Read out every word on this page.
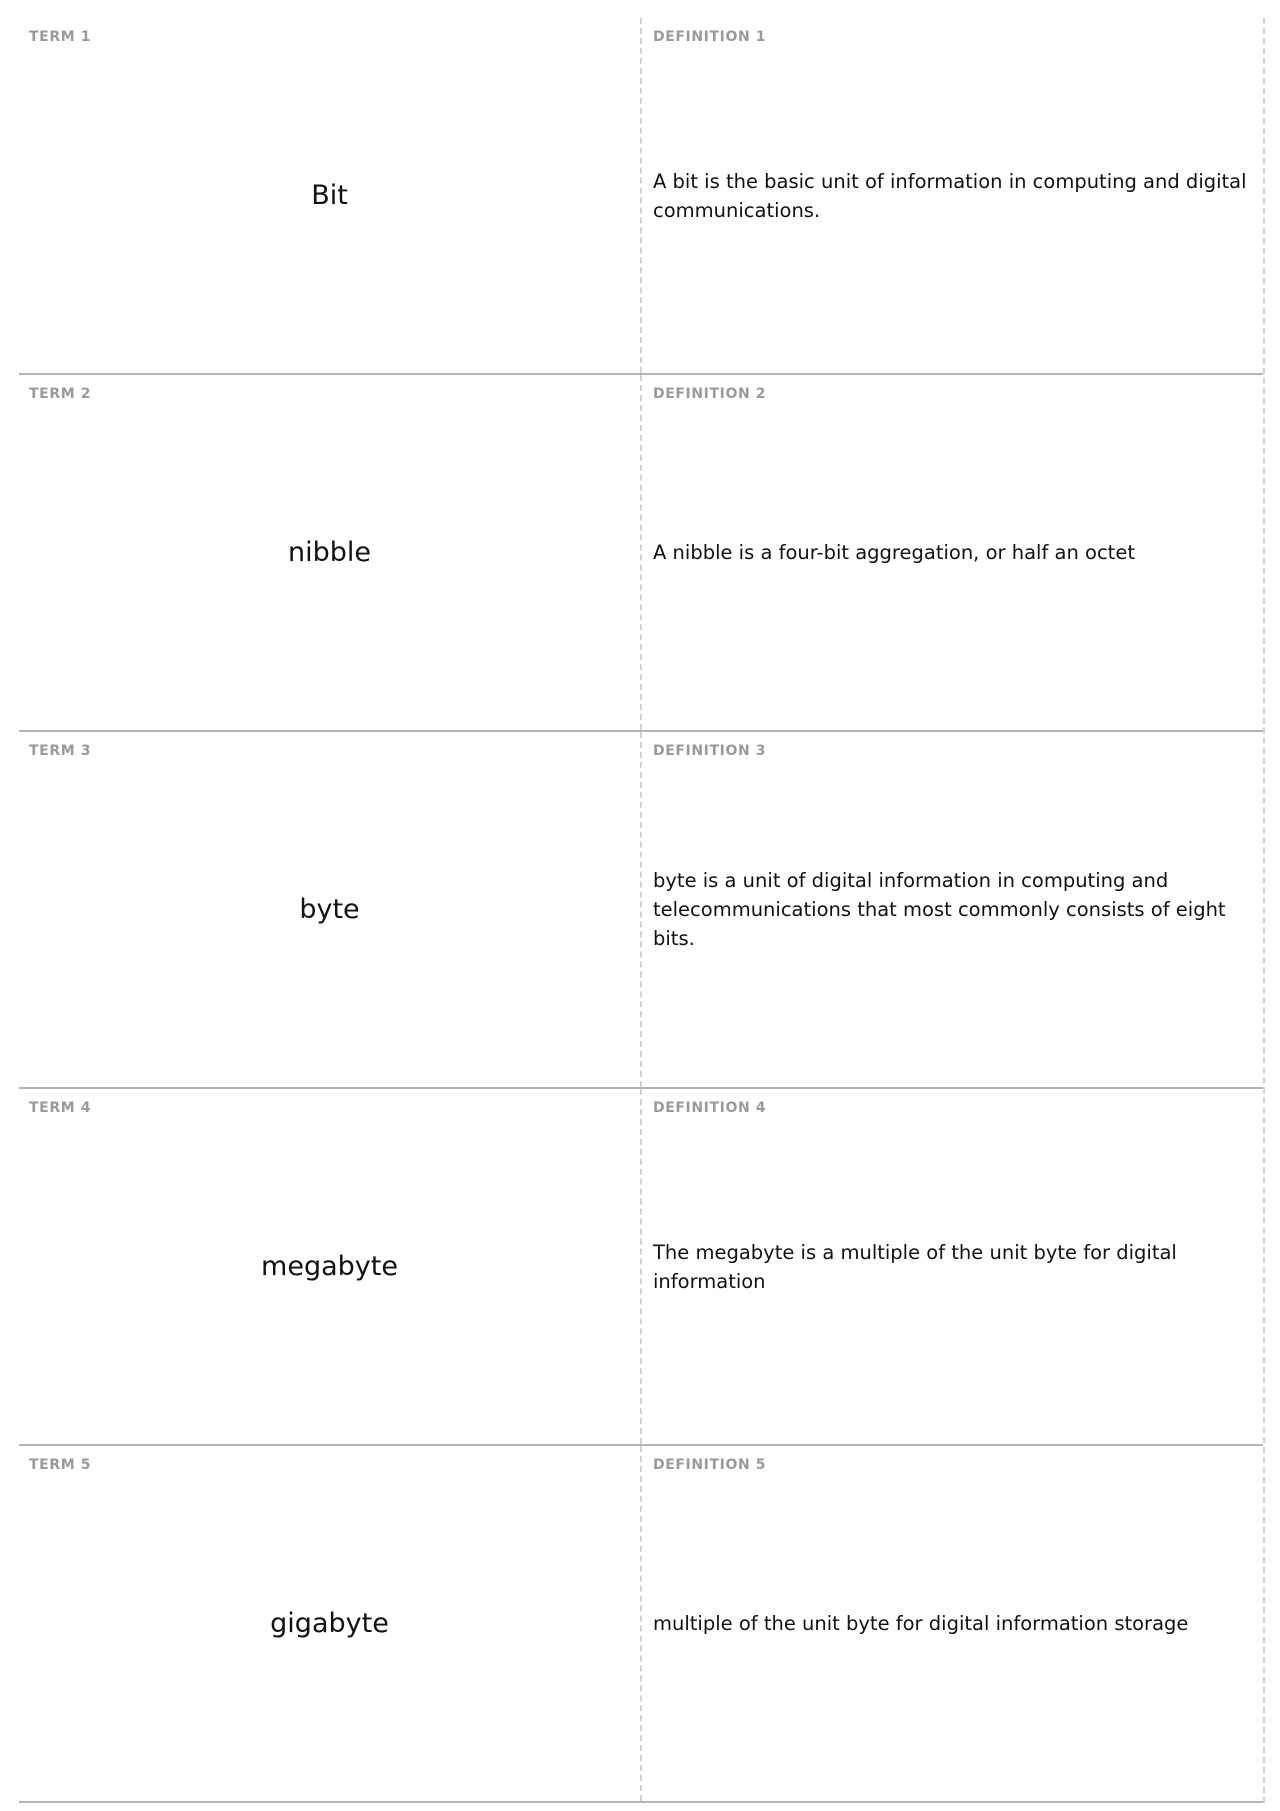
TERM 1
Bit
DEFINITION 1

A bit is the basic unit of information in computing and digital communications.

TERM 2
nibble
DEFINITION 2

A nibble is a four-bit aggregation, or half an octet

TERM 3
byte
DEFINITION 3

byte is a unit of digital information in computing and telecommunications that most commonly consists of eight bits.

TERM 4
megabyte
DEFINITION 4

The megabyte is a multiple of the unit byte for digital information

TERM 5
gigabyte
DEFINITION 5

multiple of the unit byte for digital information storage
